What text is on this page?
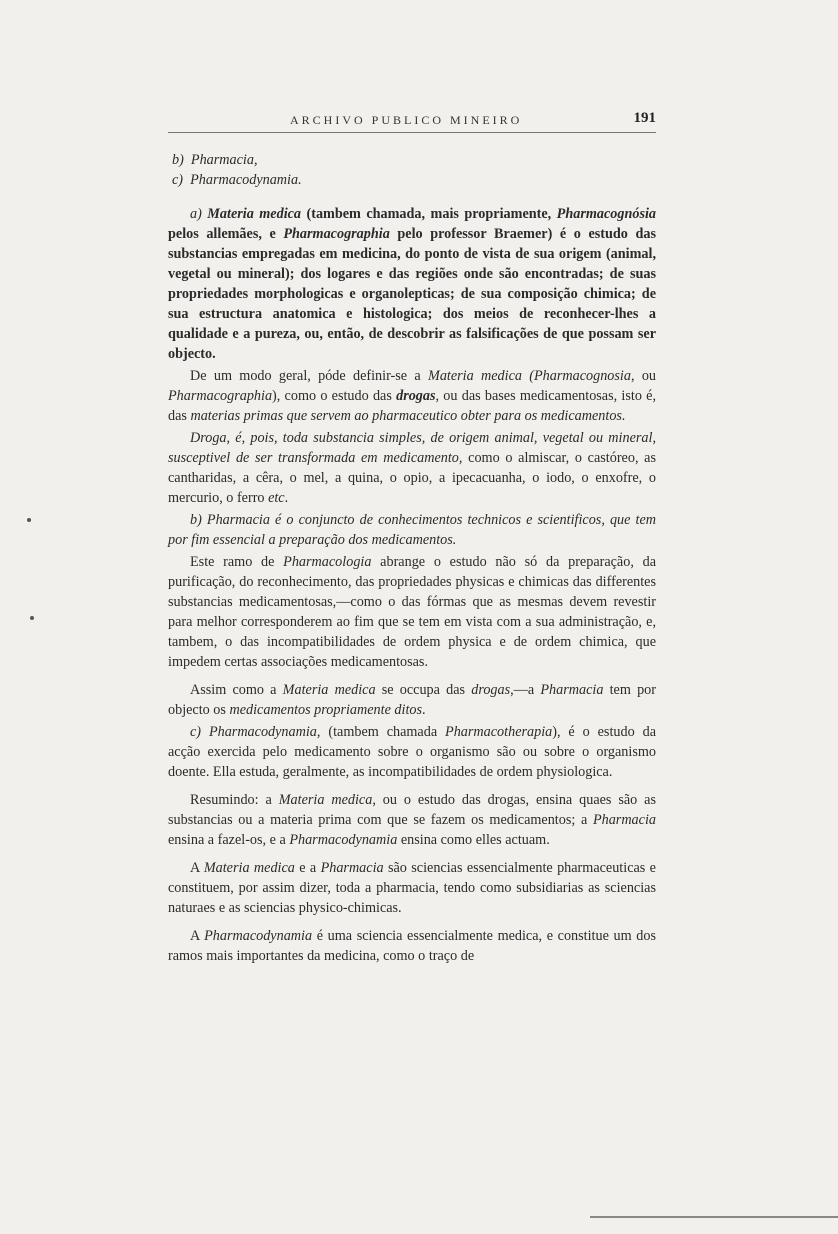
ARCHIVO PUBLICO MINEIRO	191
b) Pharmacia,
c) Pharmacodynamia.

a) Materia medica (tambem chamada, mais propriamente, Pharmacognósia pelos allemães, e Pharmacographia pelo professor Braemer) é o estudo das substancias empregadas em medicina, do ponto de vista de sua origem (animal, vegetal ou mineral); dos logares e das regiões onde são encontradas; de suas propriedades morphologicas e organolepticas; de sua composição chimica; de sua estructura anatomica e histologica; dos meios de reconhecer-lhes a qualidade e a pureza, ou, então, de descobrir as falsificações de que possam ser objecto.

De um modo geral, póde definir-se a Materia medica (Pharmacognosia, ou Pharmacographia), como o estudo das drogas, ou das bases medicamentosas, isto é, das materias primas que servem ao pharmaceutico obter para os medicamentos.

Droga, é, pois, toda substancia simples, de origem animal, vegetal ou mineral, susceptivel de ser transformada em medicamento, como o almiscar, o castóreo, as cantharidas, a cêra, o mel, a quina, o opio, a ipecacuanha, o iodo, o enxofre, o mercurio, o ferro etc.

b) Pharmacia é o conjuncto de conhecimentos technicos e scientificos, que tem por fim essencial a preparação dos medicamentos.

Este ramo de Pharmacologia abrange o estudo não só da preparação, da purificação, do reconhecimento, das propriedades physicas e chimicas das differentes substancias medicamentosas,—como o das fórmas que as mesmas devem revestir para melhor corresponderem ao fim que se tem em vista com a sua administração, e, tambem, o das incompatibilidades de ordem physica e de ordem chimica, que impedem certas associações medicamentosas.

Assim como a Materia medica se occupa das drogas,—a Pharmacia tem por objecto os medicamentos propriamente ditos.

c) Pharmacodynamia, (tambem chamada Pharmacotherapia), é o estudo da acção exercida pelo medicamento sobre o organismo são ou sobre o organismo doente. Ella estuda, geralmente, as incompatibilidades de ordem physiologica.

Resumindo: a Materia medica, ou o estudo das drogas, ensina quaes são as substancias ou a materia prima com que se fazem os medicamentos; a Pharmacia ensina a fazel-os, e a Pharmacodynamia ensina como elles actuam.

A Materia medica e a Pharmacia são sciencias essencialmente pharmaceuticas e constituem, por assim dizer, toda a pharmacia, tendo como subsidiarias as sciencias naturaes e as sciencias physico-chimicas.

A Pharmacodynamia é uma sciencia essencialmente medica, e constitue um dos ramos mais importantes da medicina, como o traço de
